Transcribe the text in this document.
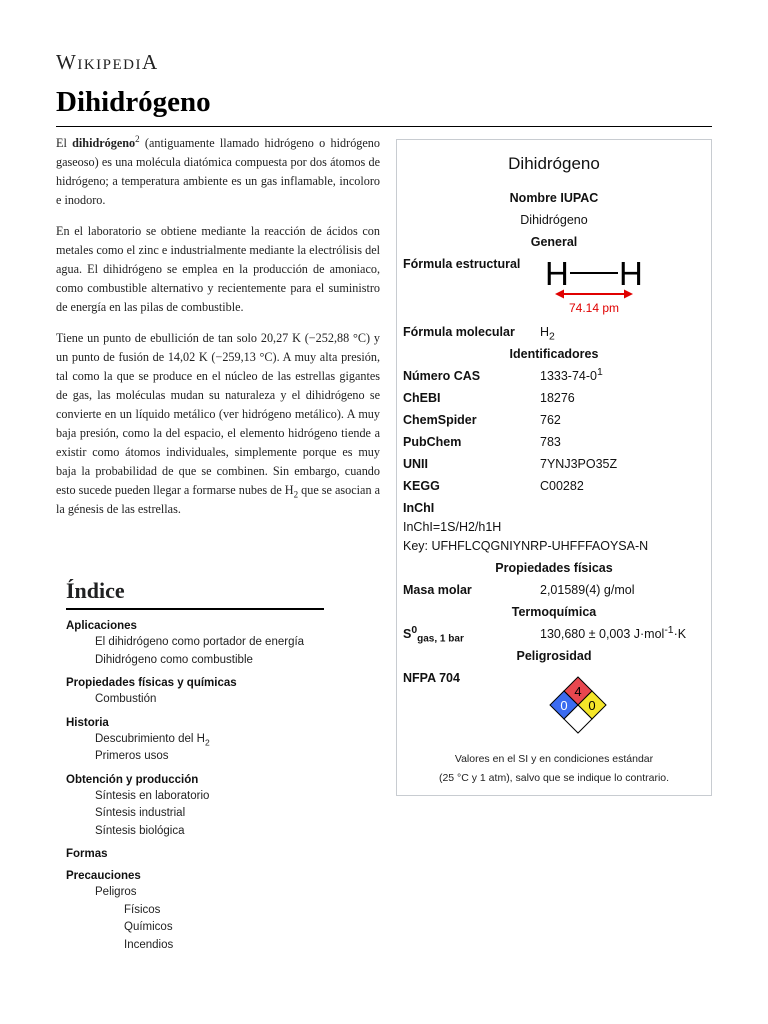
WikipediA
Dihidrógeno

El dihidrógeno$^2$ (antiguamente llamado hidrógeno o hidrógeno gaseoso) es una molécula diatómica compuesta por dos átomos de hidrógeno; a temperatura ambiente es un gas inflamable, incoloro e inodoro.

En el laboratorio se obtiene mediante la reacción de ácidos con metales como el zinc e industrialmente mediante la electrólisis del agua. El dihidrógeno se emplea en la producción de amoniaco, como combustible alternativo y recientemente para el suministro de energía en las pilas de combustible.

Tiene un punto de ebullición de tan solo 20,27 K (−252,88 °C) y un punto de fusión de 14,02 K (−259,13 °C). A muy alta presión, tal como la que se produce en el núcleo de las estrellas gigantes de gas, las moléculas mudan su naturaleza y el dihidrógeno se convierte en un líquido metálico (ver hidrógeno metálico). A muy baja presión, como la del espacio, el elemento hidrógeno tiende a existir como átomos individuales, simplemente porque es muy baja la probabilidad de que se combinen. Sin embargo, cuando esto sucede pueden llegar a formarse nubes de $H_2$ que se asocian a la génesis de las estrellas.

Índice
Aplicaciones
El dihidrógeno como portador de energía
Dihidrógeno como combustible
Propiedades físicas y químicas
Combustión
Historia
Descubrimiento del $H_2$
Primeros usos
Obtención y producción
Síntesis en laboratorio
Síntesis industrial
Síntesis biológica
Formas
Precauciones
Peligros
Físicos
Químicos
Incendios
Dihidrógeno
Nombre IUPAC
Dihidrógeno
General
Fórmula estructural H H
74.14 pm
Fórmula molecular $H_2$
Identificadores
Número CAS	$1333-74-0^1$
ChEBI	18276
ChemSpider	762
PubChem	783
UNII	7YNJ3PO35Z
KEGG	C00282
InChI
InChI=1S/H2/h1H
Key: UFHFLCQGNIYNRP-UHFFFAOYSA-N
Propiedades físicas
Masa molar	2,01589(4) g/mol
Termoquímica
$S^0_{gas, 1 bar}$	130,680 ± 0,003 J·mol$^{-1}$·K
Peligrosidad
NFPA 704
4
0 0
Valores en el SI y en condiciones estándar
(25 °C y 1 atm), salvo que se indique lo contrario.
